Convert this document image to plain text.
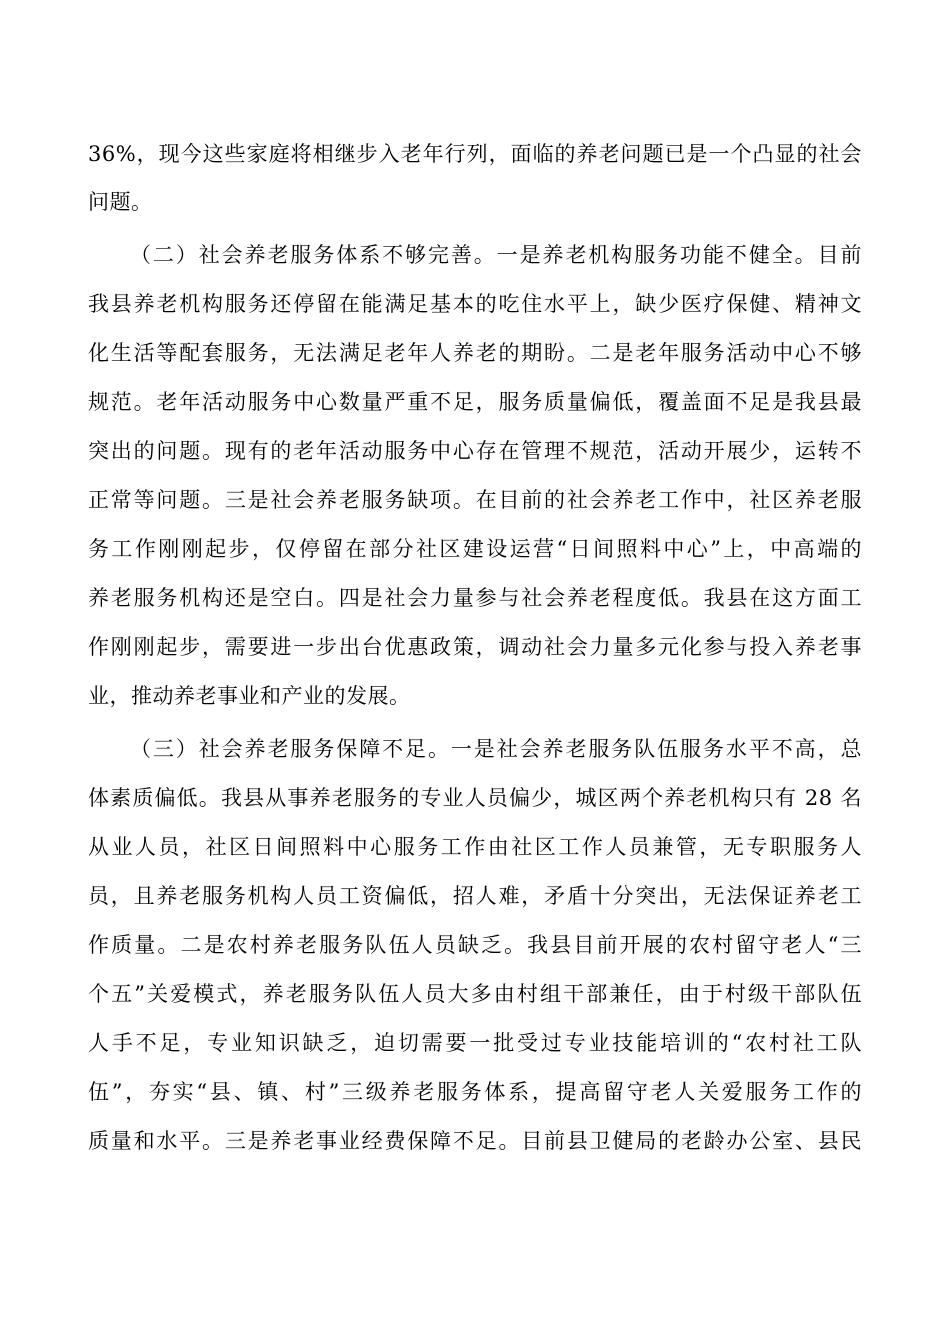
36%，现今这些家庭将相继步入老年行列，面临的养老问题已是一个凸显的社会
问题。
（二）社会养老服务体系不够完善。一是养老机构服务功能不健全。目前
我县养老机构服务还停留在能满足基本的吃住水平上，缺少医疗保健、精神文
化生活等配套服务，无法满足老年人养老的期盼。二是老年服务活动中心不够
规范。老年活动服务中心数量严重不足，服务质量偏低，覆盖面不足是我县最
突出的问题。现有的老年活动服务中心存在管理不规范，活动开展少，运转不
正常等问题。三是社会养老服务缺项。在目前的社会养老工作中，社区养老服
务工作刚刚起步，仅停留在部分社区建设运营“日间照料中心”上，中高端的
养老服务机构还是空白。四是社会力量参与社会养老程度低。我县在这方面工
作刚刚起步，需要进一步出台优惠政策，调动社会力量多元化参与投入养老事
业，推动养老事业和产业的发展。
（三）社会养老服务保障不足。一是社会养老服务队伍服务水平不高，总
体素质偏低。我县从事养老服务的专业人员偏少，城区两个养老机构只有 28 名
从业人员，社区日间照料中心服务工作由社区工作人员兼管，无专职服务人
员，且养老服务机构人员工资偏低，招人难，矛盾十分突出，无法保证养老工
作质量。二是农村养老服务队伍人员缺乏。我县目前开展的农村留守老人“三
个五”关爱模式，养老服务队伍人员大多由村组干部兼任，由于村级干部队伍
人手不足，专业知识缺乏，迫切需要一批受过专业技能培训的“农村社工队
伍”，夯实“县、镇、村”三级养老服务体系，提高留守老人关爱服务工作的
质量和水平。三是养老事业经费保障不足。目前县卫健局的老龄办公室、县民
